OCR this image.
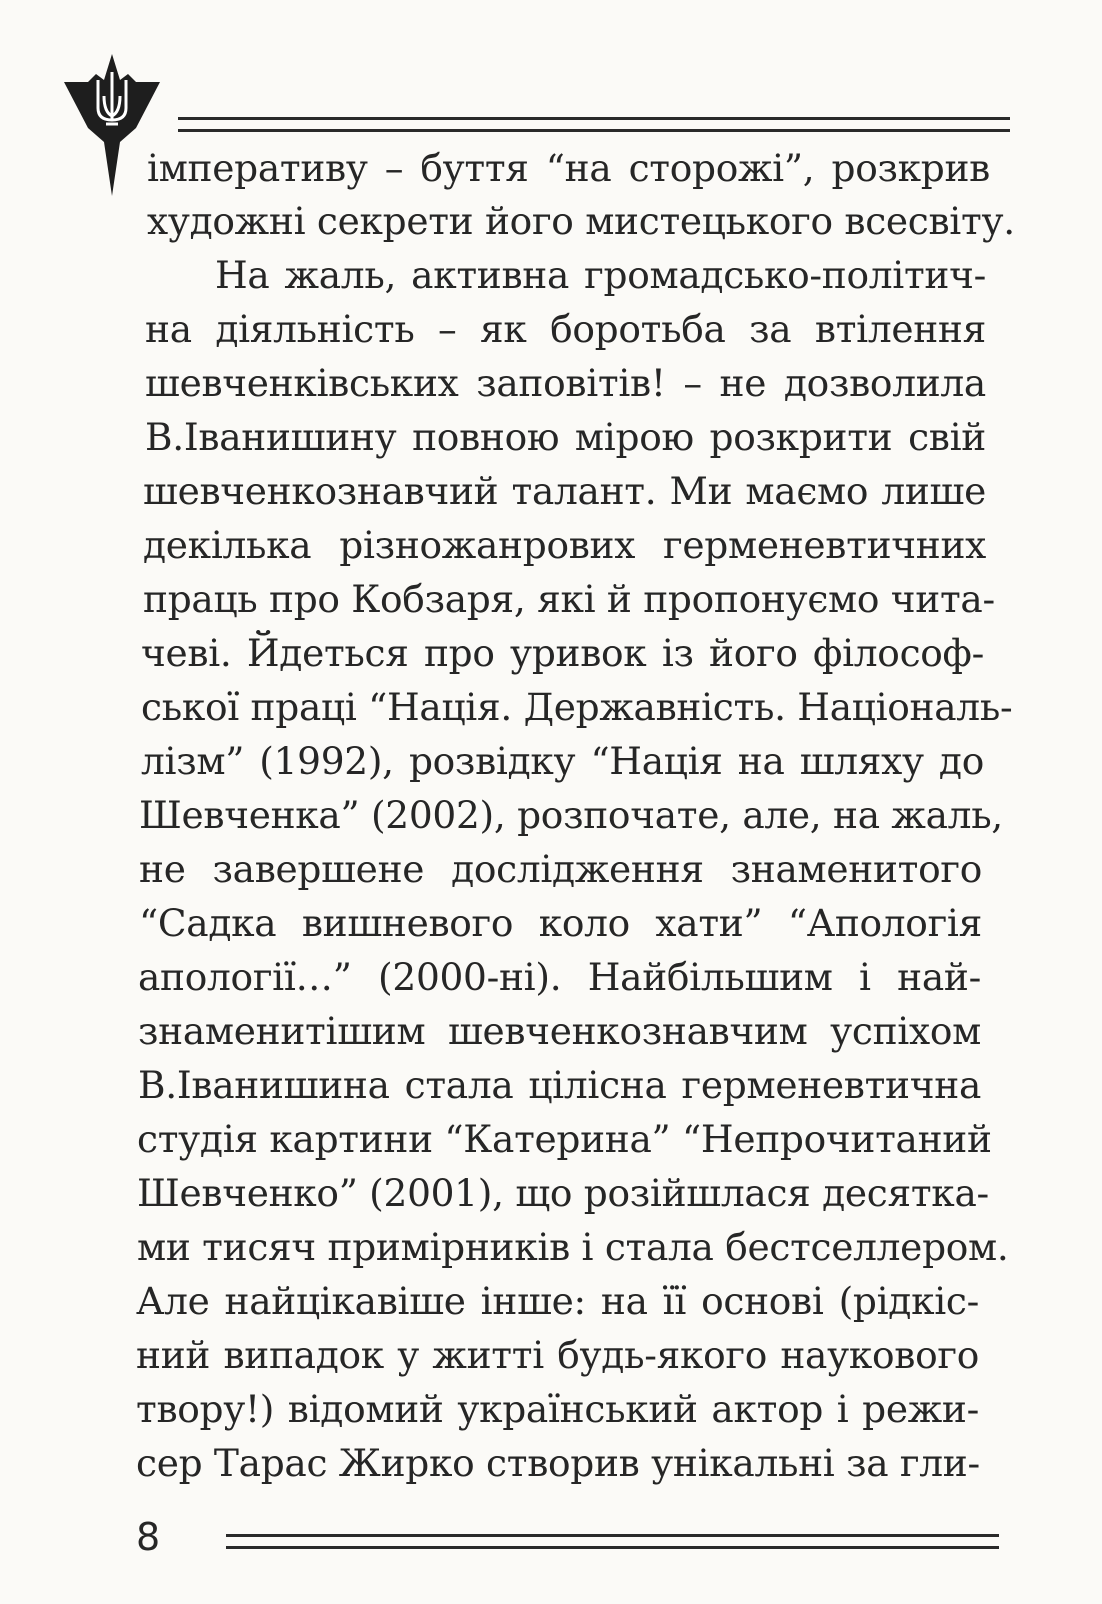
імперативу – буття “на сторожі”, розкрив
художні секрети його мистецького всесвіту.
На жаль, активна громадсько-політич-
на діяльність – як боротьба за втілення
шевченківських заповітів! – не дозволила
В.Іванишину повною мірою розкрити свій
шевченкознавчий талант. Ми маємо лише
декілька різножанрових герменевтичних
праць про Кобзаря, які й пропонуємо чита-
чеві. Йдеться про уривок із його філософ-
ської праці “Нація. Державність. Національ-
лізм” (1992), розвідку “Нація на шляху до
Шевченка” (2002), розпочате, але, на жаль,
не завершене дослідження знаменитого
“Садка вишневого коло хати” “Апологія
апології…” (2000-ні). Найбільшим і най-
знаменитішим шевченкознавчим успіхом
В.Іванишина стала цілісна герменевтична
студія картини “Катерина” “Непрочитаний
Шевченко” (2001), що розійшлася десятка-
ми тисяч примірників і стала бестселлером.
Але найцікавіше інше: на її основі (рідкіс-
ний випадок у житті будь-якого наукового
твору!) відомий український актор і режи-
сер Тарас Жирко створив унікальні за гли-
8
